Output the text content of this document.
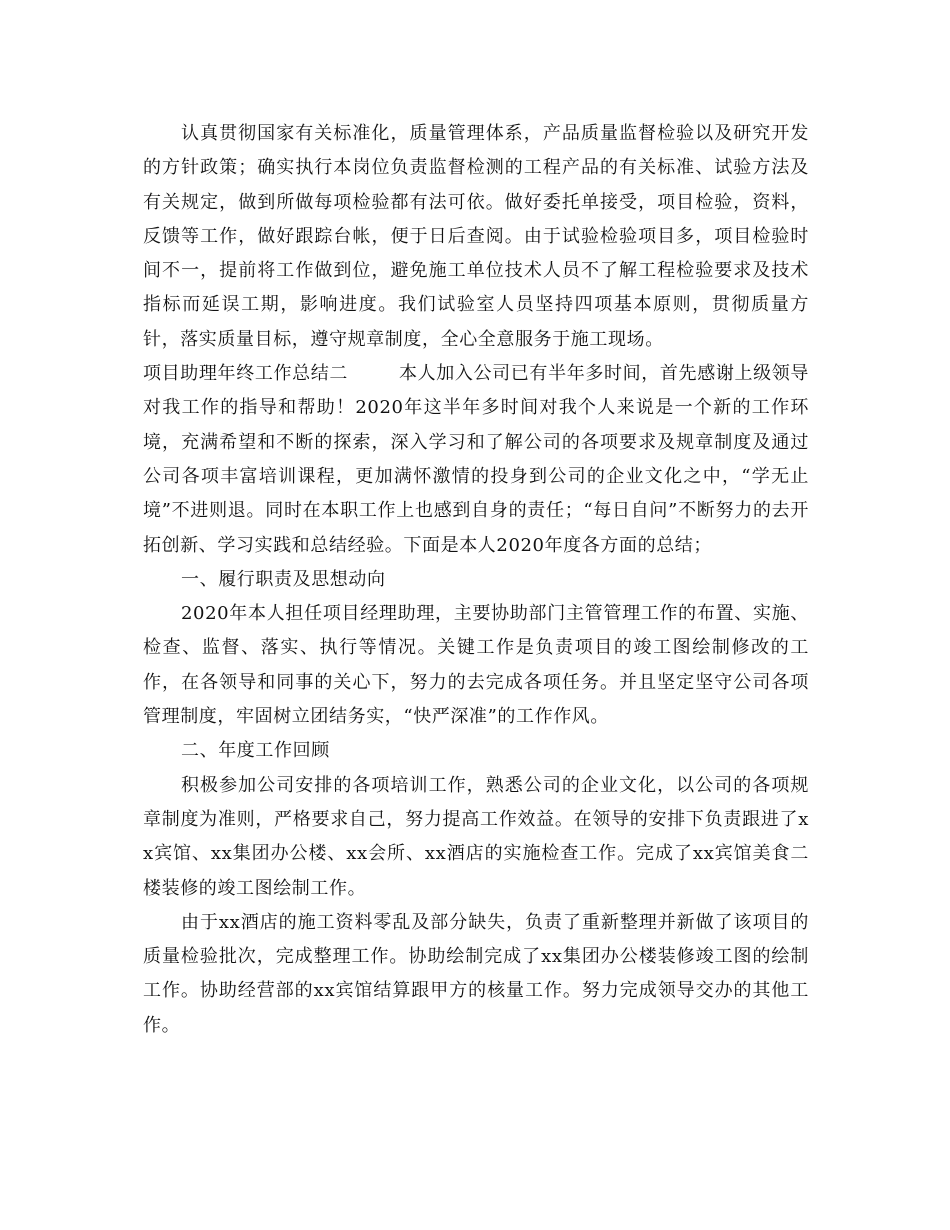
认真贯彻国家有关标准化，质量管理体系，产品质量监督检验以及研究开发的方针政策；确实执行本岗位负责监督检测的工程产品的有关标准、试验方法及有关规定，做到所做每项检验都有法可依。做好委托单接受，项目检验，资料，反馈等工作，做好跟踪台帐，便于日后查阅。由于试验检验项目多，项目检验时间不一，提前将工作做到位，避免施工单位技术人员不了解工程检验要求及技术指标而延误工期，影响进度。我们试验室人员坚持四项基本原则，贯彻质量方针，落实质量目标，遵守规章制度，全心全意服务于施工现场。

项目助理年终工作总结二	本人加入公司已有半年多时间，首先感谢上级领导对我工作的指导和帮助！2020年这半年多时间对我个人来说是一个新的工作环境，充满希望和不断的探索，深入学习和了解公司的各项要求及规章制度及通过公司各项丰富培训课程，更加满怀激情的投身到公司的企业文化之中，“学无止境”不进则退。同时在本职工作上也感到自身的责任；“每日自问”不断努力的去开拓创新、学习实践和总结经验。下面是本人2020年度各方面的总结；

一、履行职责及思想动向

2020年本人担任项目经理助理，主要协助部门主管管理工作的布置、实施、检查、监督、落实、执行等情况。关键工作是负责项目的竣工图绘制修改的工作，在各领导和同事的关心下，努力的去完成各项任务。并且坚定坚守公司各项管理制度，牢固树立团结务实，“快严深准”的工作作风。

二、年度工作回顾

积极参加公司安排的各项培训工作，熟悉公司的企业文化，以公司的各项规章制度为准则，严格要求自己，努力提高工作效益。在领导的安排下负责跟进了xx宾馆、xx集团办公楼、xx会所、xx酒店的实施检查工作。完成了xx宾馆美食二楼装修的竣工图绘制工作。

由于xx酒店的施工资料零乱及部分缺失，负责了重新整理并新做了该项目的质量检验批次，完成整理工作。协助绘制完成了xx集团办公楼装修竣工图的绘制工作。协助经营部的xx宾馆结算跟甲方的核量工作。努力完成领导交办的其他工作。
